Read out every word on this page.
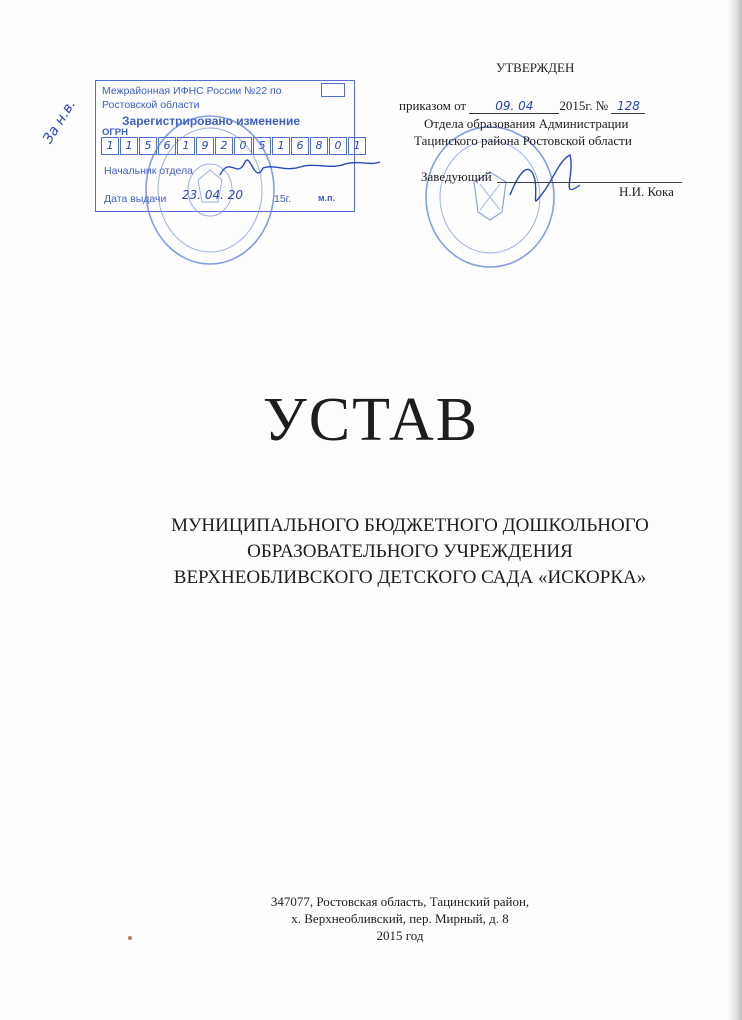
Межрайонная ИФНС России №22 по
Ростовской области
Зарегистрировано изменение
ОГРН
1	1	5	6	1	9	2	0	5	1	6	8	0	1
Начальник отдела
Дата выдачи 23. 04. 20	15г.	м.п.
За н.в.
УТВЕРЖДЕН
приказом от 09. 04 2015г. № 128
Отдела образования Администрации
Тацинского района Ростовской области
Заведующий
Н.И. Кока
УСТАВ
МУНИЦИПАЛЬНОГО БЮДЖЕТНОГО ДОШКОЛЬНОГО
ОБРАЗОВАТЕЛЬНОГО УЧРЕЖДЕНИЯ
ВЕРХНЕОБЛИВСКОГО ДЕТСКОГО САДА «ИСКОРКА»
347077, Ростовская область, Тацинский район,
х. Верхнеобливский, пер. Мирный, д. 8
2015 год
